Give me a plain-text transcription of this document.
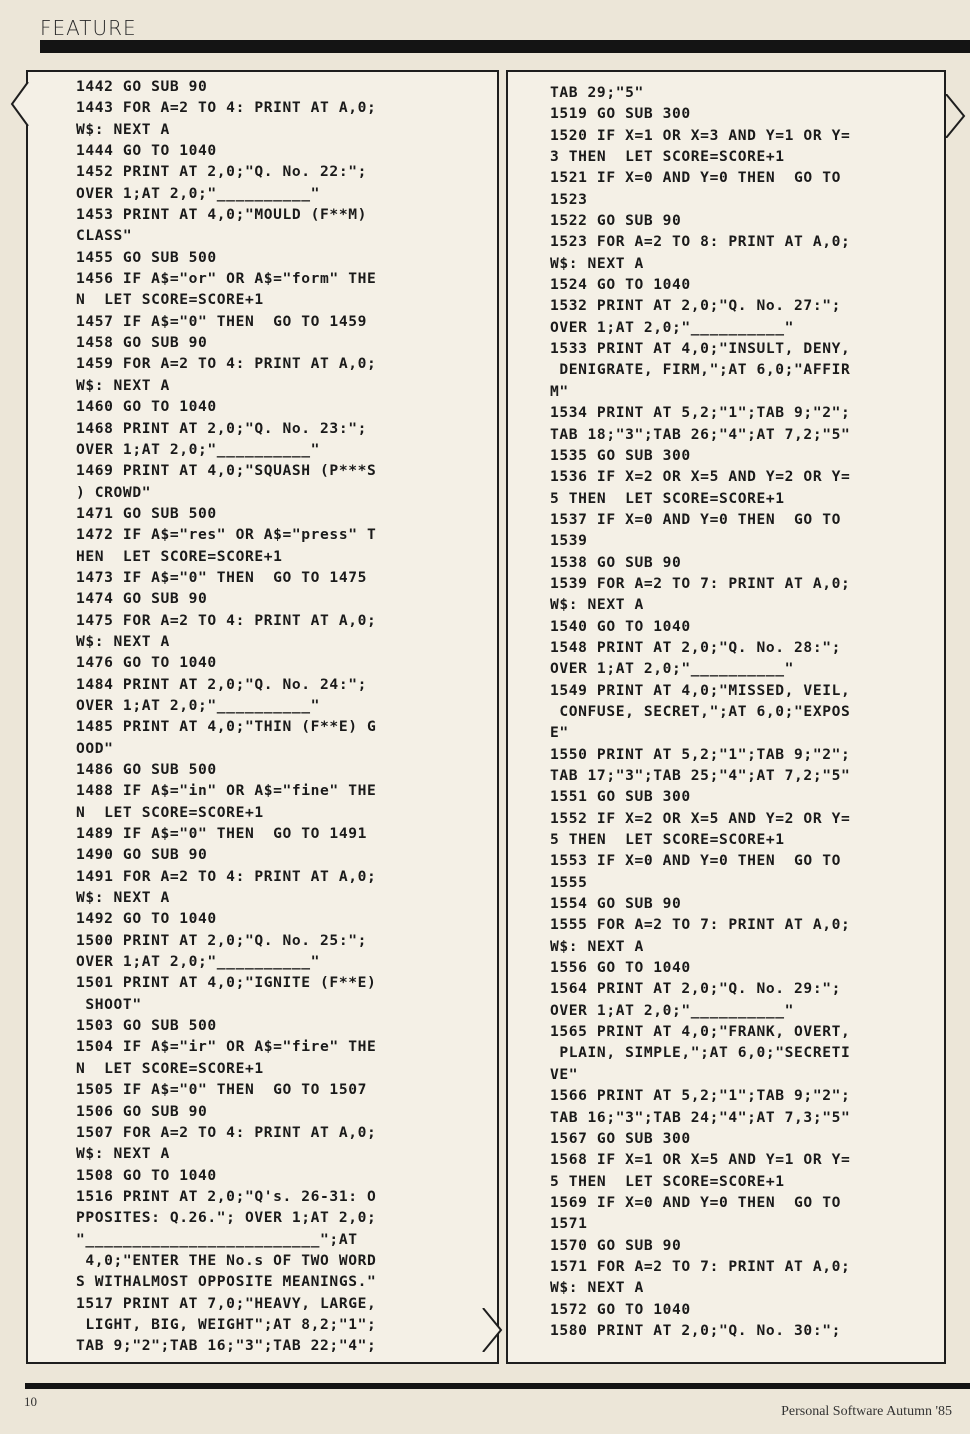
FEATURE
1442 GO SUB 90
1443 FOR A=2 TO 4: PRINT AT A,0;
W$: NEXT A
1444 GO TO 1040
1452 PRINT AT 2,0;"Q. No. 22:";
OVER 1;AT 2,0;"__________"
1453 PRINT AT 4,0;"MOULD (F**M)
CLASS"
1455 GO SUB 500
1456 IF A$="or" OR A$="form" THE
N  LET SCORE=SCORE+1
1457 IF A$="0" THEN  GO TO 1459
1458 GO SUB 90
1459 FOR A=2 TO 4: PRINT AT A,0;
W$: NEXT A
1460 GO TO 1040
1468 PRINT AT 2,0;"Q. No. 23:";
OVER 1;AT 2,0;"__________"
1469 PRINT AT 4,0;"SQUASH (P***S
) CROWD"
1471 GO SUB 500
1472 IF A$="res" OR A$="press" T
HEN  LET SCORE=SCORE+1
1473 IF A$="0" THEN  GO TO 1475
1474 GO SUB 90
1475 FOR A=2 TO 4: PRINT AT A,0;
W$: NEXT A
1476 GO TO 1040
1484 PRINT AT 2,0;"Q. No. 24:";
OVER 1;AT 2,0;"__________"
1485 PRINT AT 4,0;"THIN (F**E) G
OOD"
1486 GO SUB 500
1488 IF A$="in" OR A$="fine" THE
N  LET SCORE=SCORE+1
1489 IF A$="0" THEN  GO TO 1491
1490 GO SUB 90
1491 FOR A=2 TO 4: PRINT AT A,0;
W$: NEXT A
1492 GO TO 1040
1500 PRINT AT 2,0;"Q. No. 25:";
OVER 1;AT 2,0;"__________"
1501 PRINT AT 4,0;"IGNITE (F**E)
SHOOT"
1503 GO SUB 500
1504 IF A$="ir" OR A$="fire" THE
N  LET SCORE=SCORE+1
1505 IF A$="0" THEN  GO TO 1507
1506 GO SUB 90
1507 FOR A=2 TO 4: PRINT AT A,0;
W$: NEXT A
1508 GO TO 1040
1516 PRINT AT 2,0;"Q's. 26-31: O
PPOSITES: Q.26."; OVER 1;AT 2,0;
"_________________________";AT
4,0;"ENTER THE No.s OF TWO WORD
S WITHALMOST OPPOSITE MEANINGS."
1517 PRINT AT 7,0;"HEAVY, LARGE,
LIGHT, BIG, WEIGHT";AT 8,2;"1";
TAB 9;"2";TAB 16;"3";TAB 22;"4";
TAB 29;"5"
1519 GO SUB 300
1520 IF X=1 OR X=3 AND Y=1 OR Y=
3 THEN  LET SCORE=SCORE+1
1521 IF X=0 AND Y=0 THEN  GO TO
1523
1522 GO SUB 90
1523 FOR A=2 TO 8: PRINT AT A,0;
W$: NEXT A
1524 GO TO 1040
1532 PRINT AT 2,0;"Q. No. 27:";
OVER 1;AT 2,0;"__________"
1533 PRINT AT 4,0;"INSULT, DENY,
DENIGRATE, FIRM,";AT 6,0;"AFFIR
M"
1534 PRINT AT 5,2;"1";TAB 9;"2";
TAB 18;"3";TAB 26;"4";AT 7,2;"5"
1535 GO SUB 300
1536 IF X=2 OR X=5 AND Y=2 OR Y=
5 THEN  LET SCORE=SCORE+1
1537 IF X=0 AND Y=0 THEN  GO TO
1539
1538 GO SUB 90
1539 FOR A=2 TO 7: PRINT AT A,0;
W$: NEXT A
1540 GO TO 1040
1548 PRINT AT 2,0;"Q. No. 28:";
OVER 1;AT 2,0;"__________"
1549 PRINT AT 4,0;"MISSED, VEIL,
CONFUSE, SECRET,";AT 6,0;"EXPOS
E"
1550 PRINT AT 5,2;"1";TAB 9;"2";
TAB 17;"3";TAB 25;"4";AT 7,2;"5"
1551 GO SUB 300
1552 IF X=2 OR X=5 AND Y=2 OR Y=
5 THEN  LET SCORE=SCORE+1
1553 IF X=0 AND Y=0 THEN  GO TO
1555
1554 GO SUB 90
1555 FOR A=2 TO 7: PRINT AT A,0;
W$: NEXT A
1556 GO TO 1040
1564 PRINT AT 2,0;"Q. No. 29:";
OVER 1;AT 2,0;"__________"
1565 PRINT AT 4,0;"FRANK, OVERT,
PLAIN, SIMPLE,";AT 6,0;"SECRETI
VE"
1566 PRINT AT 5,2;"1";TAB 9;"2";
TAB 16;"3";TAB 24;"4";AT 7,3;"5"
1567 GO SUB 300
1568 IF X=1 OR X=5 AND Y=1 OR Y=
5 THEN  LET SCORE=SCORE+1
1569 IF X=0 AND Y=0 THEN  GO TO
1571
1570 GO SUB 90
1571 FOR A=2 TO 7: PRINT AT A,0;
W$: NEXT A
1572 GO TO 1040
1580 PRINT AT 2,0;"Q. No. 30:";
10
Personal Software Autumn '85
